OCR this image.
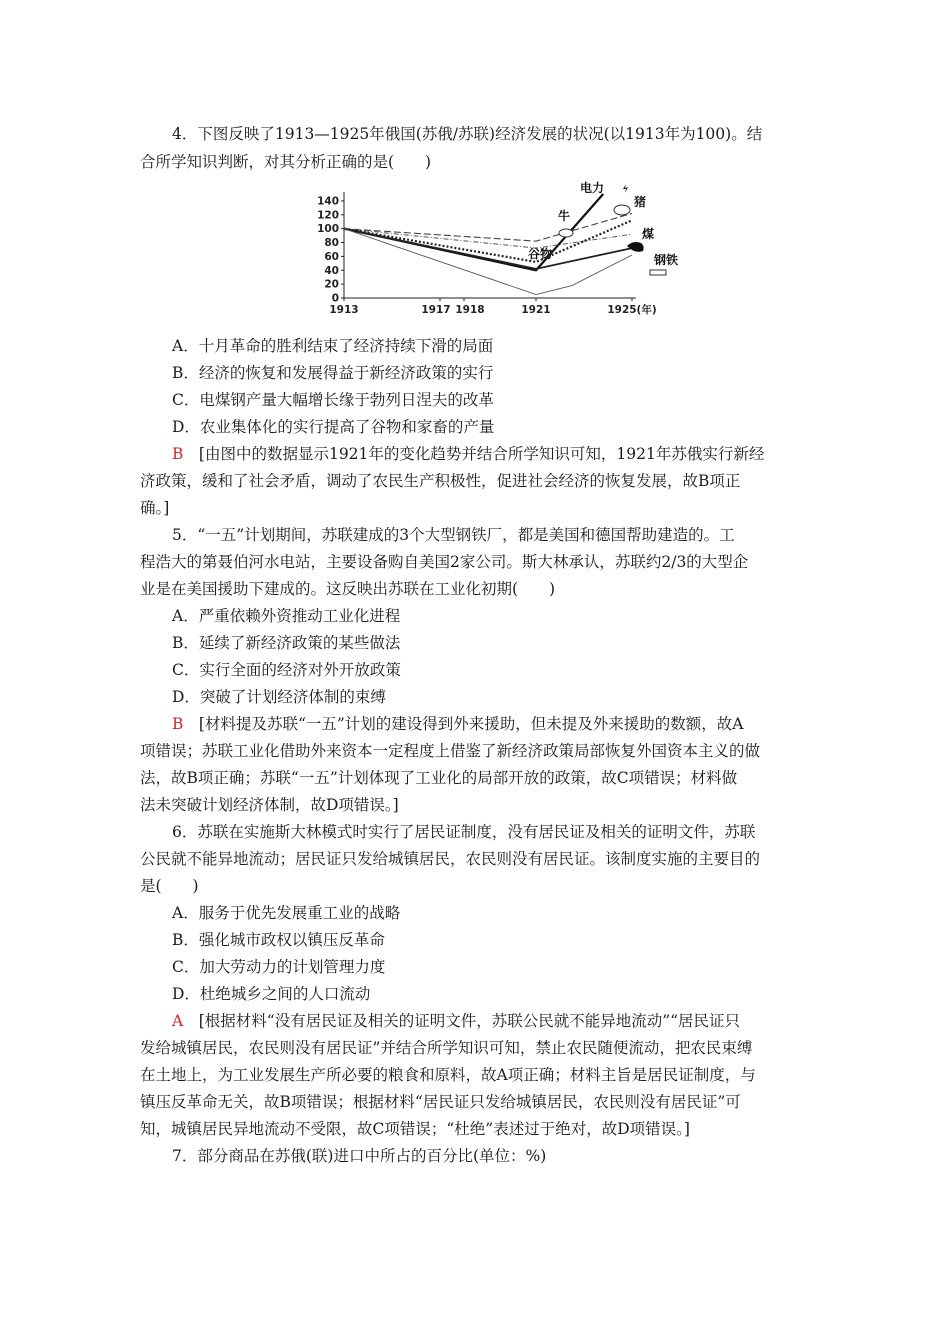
4．下图反映了1913—1925年俄国(苏俄/苏联)经济发展的状况(以1913年为100)。结
合所学知识判断，对其分析正确的是(　　)
0
20
40
60
80
100
120
140
1913	1917 1918	1921	1925(年)
电力
猪
牛
谷物
煤
钢铁
A．十月革命的胜利结束了经济持续下滑的局面
B．经济的恢复和发展得益于新经济政策的实行
C．电煤钢产量大幅增长缘于勃列日涅夫的改革
D．农业集体化的实行提高了谷物和家畜的产量
B　 [由图中的数据显示1921年的变化趋势并结合所学知识可知，1921年苏俄实行新经
济政策，缓和了社会矛盾，调动了农民生产积极性，促进社会经济的恢复发展，故B项正
确。]
5．“一五”计划期间，苏联建成的3个大型钢铁厂，都是美国和德国帮助建造的。工
程浩大的第聂伯河水电站，主要设备购自美国2家公司。斯大林承认，苏联约2/3的大型企
业是在美国援助下建成的。这反映出苏联在工业化初期(　　)
A．严重依赖外资推动工业化进程
B．延续了新经济政策的某些做法
C．实行全面的经济对外开放政策
D．突破了计划经济体制的束缚
B　 [材料提及苏联“一五”计划的建设得到外来援助，但未提及外来援助的数额，故A
项错误；苏联工业化借助外来资本一定程度上借鉴了新经济政策局部恢复外国资本主义的做
法，故B项正确；苏联“一五”计划体现了工业化的局部开放的政策，故C项错误；材料做
法未突破计划经济体制，故D项错误。]
6．苏联在实施斯大林模式时实行了居民证制度，没有居民证及相关的证明文件，苏联
公民就不能异地流动；居民证只发给城镇居民，农民则没有居民证。该制度实施的主要目的
是(　　)
A．服务于优先发展重工业的战略
B．强化城市政权以镇压反革命
C．加大劳动力的计划管理力度
D．杜绝城乡之间的人口流动
A　 [根据材料“没有居民证及相关的证明文件，苏联公民就不能异地流动”“居民证只
发给城镇居民，农民则没有居民证”并结合所学知识可知，禁止农民随便流动，把农民束缚
在土地上，为工业发展生产所必要的粮食和原料，故A项正确；材料主旨是居民证制度，与
镇压反革命无关，故B项错误；根据材料“居民证只发给城镇居民，农民则没有居民证”可
知，城镇居民异地流动不受限，故C项错误；“杜绝”表述过于绝对，故D项错误。]
7．部分商品在苏俄(联)进口中所占的百分比(单位：%)
